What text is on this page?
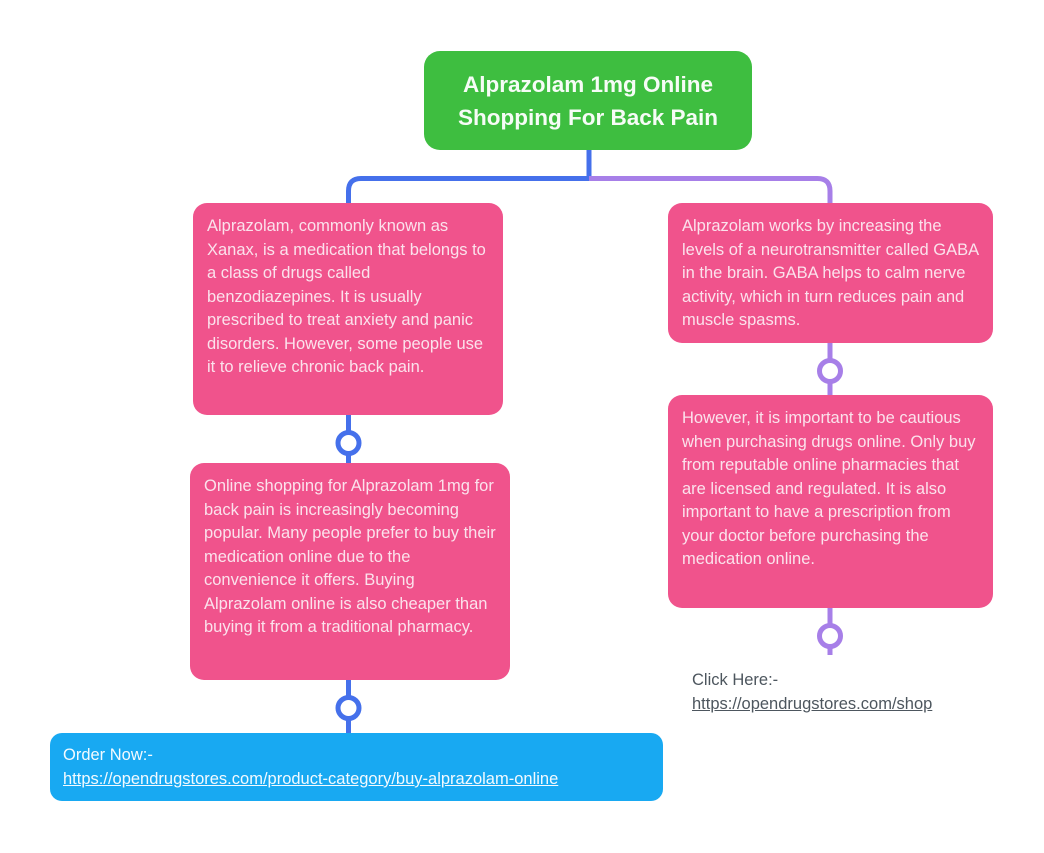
Alprazolam 1mg Online Shopping For Back Pain
Alprazolam, commonly known as Xanax, is a medication that belongs to a class of drugs called benzodiazepines. It is usually prescribed to treat anxiety and panic disorders. However, some people use it to relieve chronic back pain.
Online shopping for Alprazolam 1mg for back pain is increasingly becoming popular. Many people prefer to buy their medication online due to the convenience it offers. Buying Alprazolam online is also cheaper than buying it from a traditional pharmacy.
Alprazolam works by increasing the levels of a neurotransmitter called GABA in the brain. GABA helps to calm nerve activity, which in turn reduces pain and muscle spasms.
However, it is important to be cautious when purchasing drugs online. Only buy from reputable online pharmacies that are licensed and regulated. It is also important to have a prescription from your doctor before purchasing the medication online.
Order Now:-
https://opendrugstores.com/product-category/buy-alprazolam-online
Click Here:-
https://opendrugstores.com/shop
